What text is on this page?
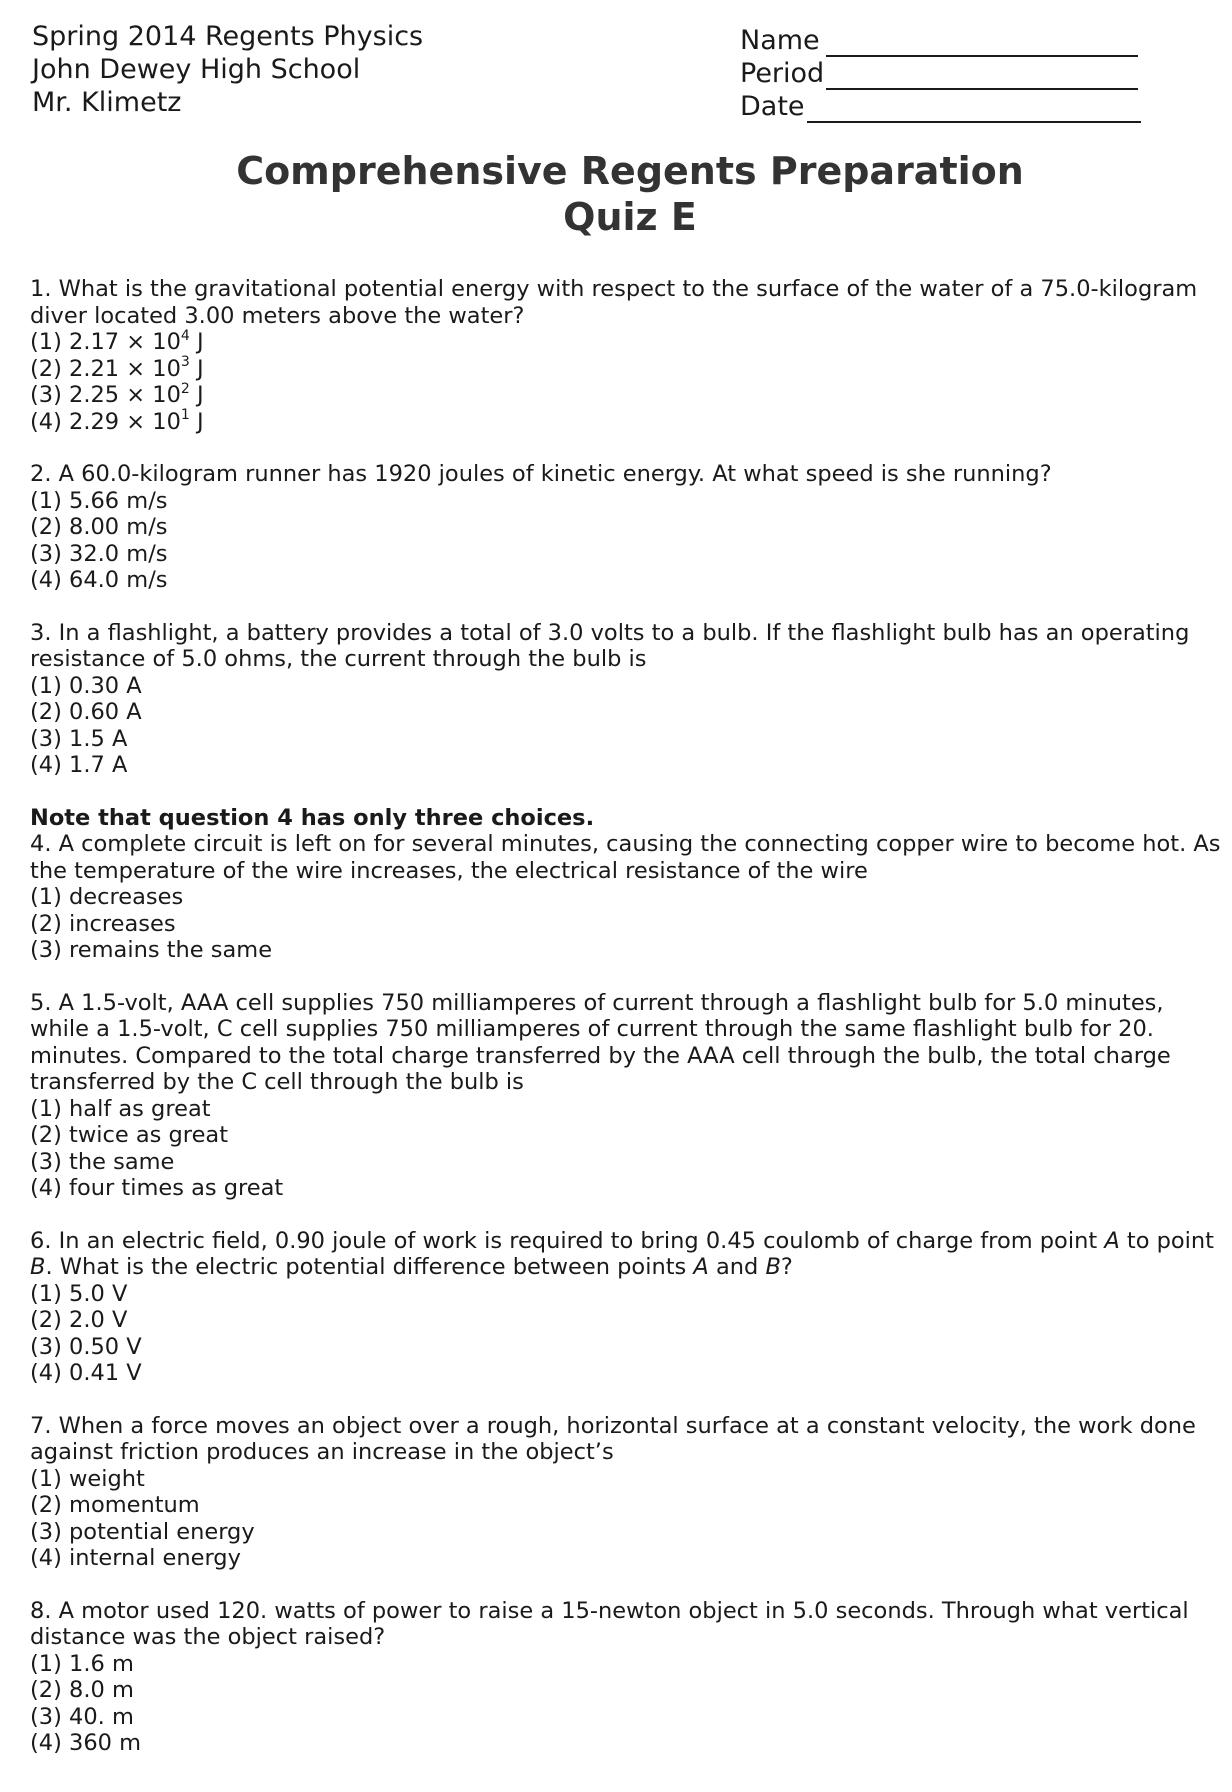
Spring 2014 Regents Physics
John Dewey High School
Mr. Klimetz
Name
Period
Date
Comprehensive Regents Preparation
Quiz E
1. What is the gravitational potential energy with respect to the surface of the water of a 75.0-kilogram diver located 3.00 meters above the water?
(1) $2.17 \times 10^4$ J
(2) $2.21 \times 10^3$ J
(3) $2.25 \times 10^2$ J
(4) $2.29 \times 10^1$ J
2. A 60.0-kilogram runner has 1920 joules of kinetic energy. At what speed is she running?
(1) 5.66 m/s
(2) 8.00 m/s
(3) 32.0 m/s
(4) 64.0 m/s
3. In a flashlight, a battery provides a total of 3.0 volts to a bulb. If the flashlight bulb has an operating resistance of 5.0 ohms, the current through the bulb is
(1) 0.30 A
(2) 0.60 A
(3) 1.5 A
(4) 1.7 A
Note that question 4 has only three choices.
4. A complete circuit is left on for several minutes, causing the connecting copper wire to become hot. As the temperature of the wire increases, the electrical resistance of the wire
(1) decreases
(2) increases
(3) remains the same
5. A 1.5-volt, AAA cell supplies 750 milliamperes of current through a flashlight bulb for 5.0 minutes, while a 1.5-volt, C cell supplies 750 milliamperes of current through the same flashlight bulb for 20. minutes. Compared to the total charge transferred by the AAA cell through the bulb, the total charge transferred by the C cell through the bulb is
(1) half as great
(2) twice as great
(3) the same
(4) four times as great
6. In an electric field, 0.90 joule of work is required to bring 0.45 coulomb of charge from point A to point B. What is the electric potential difference between points A and B?
(1) 5.0 V
(2) 2.0 V
(3) 0.50 V
(4) 0.41 V
7. When a force moves an object over a rough, horizontal surface at a constant velocity, the work done against friction produces an increase in the object’s
(1) weight
(2) momentum
(3) potential energy
(4) internal energy
8. A motor used 120. watts of power to raise a 15-newton object in 5.0 seconds. Through what vertical distance was the object raised?
(1) 1.6 m
(2) 8.0 m
(3) 40. m
(4) 360 m
